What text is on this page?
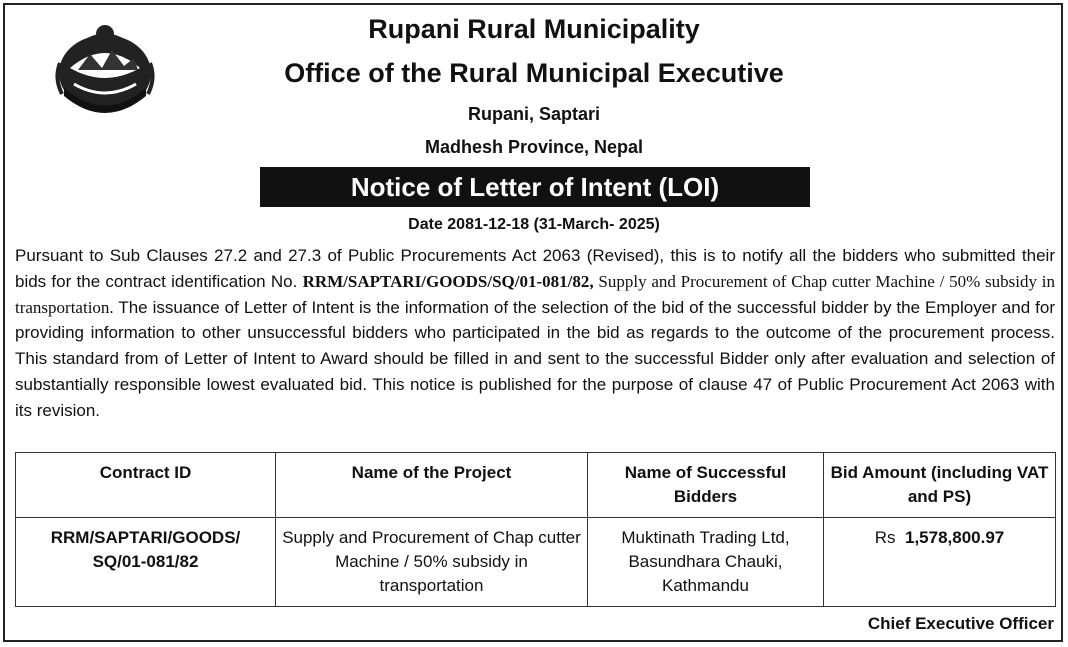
Rupani Rural Municipality
Office of the Rural Municipal Executive
Rupani, Saptari
Madhesh Province, Nepal
Notice of Letter of Intent (LOI)
Date 2081-12-18 (31-March- 2025)
Pursuant to Sub Clauses 27.2 and 27.3 of Public Procurements Act 2063 (Revised), this is to notify all the bidders who submitted their bids for the contract identification No. RRM/SAPTARI/GOODS/SQ/01-081/82, Supply and Procurement of Chap cutter Machine / 50% subsidy in transportation. The issuance of Letter of Intent is the information of the selection of the bid of the successful bidder by the Employer and for providing information to other unsuccessful bidders who participated in the bid as regards to the outcome of the procurement process. This standard from of Letter of Intent to Award should be filled in and sent to the successful Bidder only after evaluation and selection of substantially responsible lowest evaluated bid. This notice is published for the purpose of clause 47 of Public Procurement Act 2063 with its revision.
Contract ID	Name of the Project	Name of Successful Bidders	Bid Amount (including VAT and PS)
RRM/SAPTARI/GOODS/ SQ/01-081/82	Supply and Procurement of Chap cutter Machine / 50% subsidy in transportation	Muktinath Trading Ltd, Basundhara Chauki, Kathmandu	Rs 1,578,800.97
Chief Executive Officer
